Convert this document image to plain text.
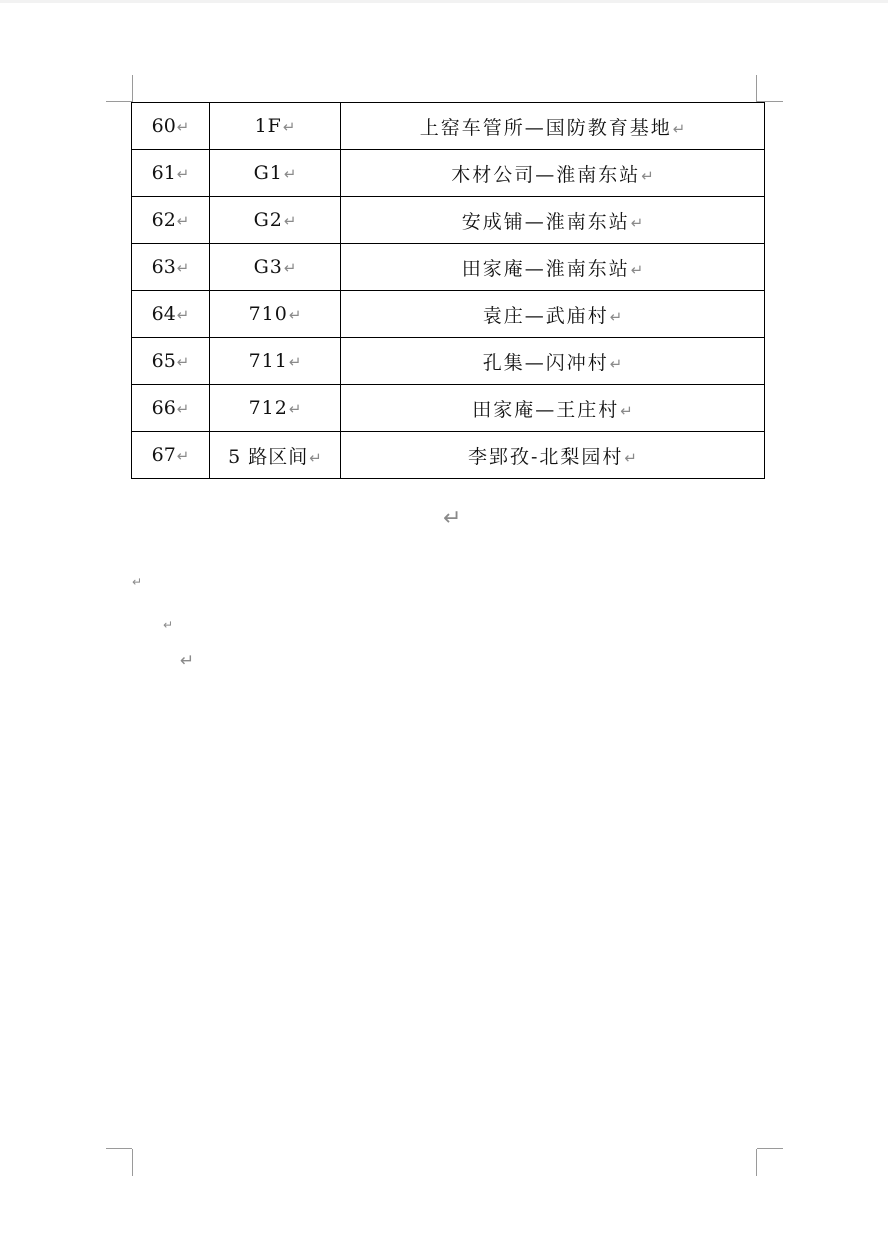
60↵	1F↵	上窑车管所—国防教育基地↵
61↵	G1↵	木材公司—淮南东站↵
62↵	G2↵	安成铺—淮南东站↵
63↵	G3↵	田家庵—淮南东站↵
64↵	710↵	袁庄—武庙村↵
65↵	711↵	孔集—闪冲村↵
66↵	712↵	田家庵—王庄村↵
67↵	5 路区间↵	李郢孜-北梨园村↵
↵
↵
↵
↵
